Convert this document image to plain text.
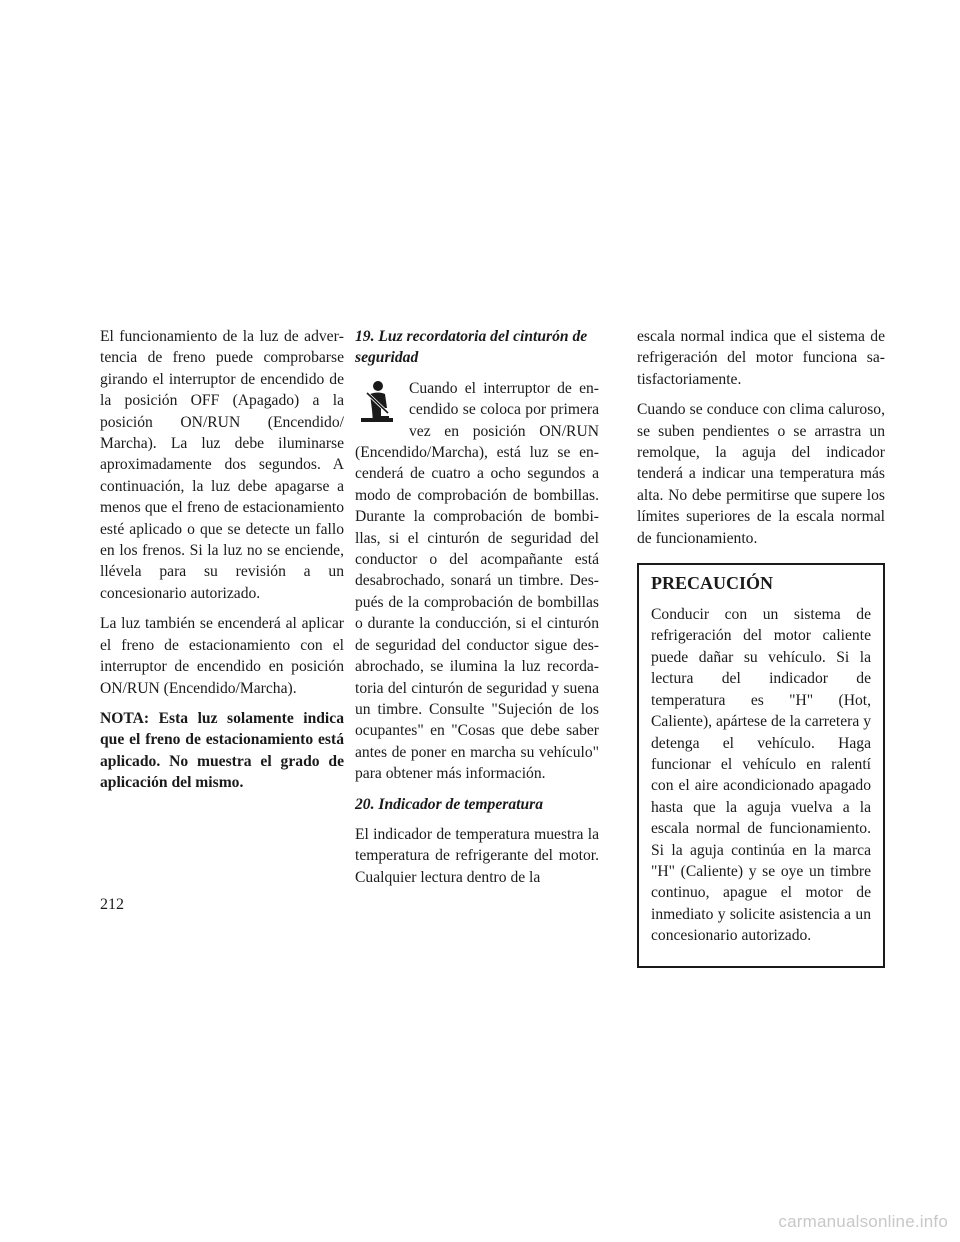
El funcionamiento de la luz de advertencia de freno puede comprobarse girando el interruptor de encendido de la posición OFF (Apagado) a la posición ON/RUN (Encendido/ Marcha). La luz debe iluminarse aproximadamente dos segundos. A continuación, la luz debe apagarse a menos que el freno de estacionamiento esté aplicado o que se detecte un fallo en los frenos. Si la luz no se enciende, llévela para su revisión a un concesionario autorizado.

La luz también se encenderá al aplicar el freno de estacionamiento con el interruptor de encendido en posición ON/RUN (Encendido/Marcha).

NOTA: Esta luz solamente indica que el freno de estacionamiento está aplicado. No muestra el grado de aplicación del mismo.

19. Luz recordatoria del cinturón de seguridad

Cuando el interruptor de encendido se coloca por primera vez en posición ON/RUN (Encendido/Marcha), está luz se encenderá de cuatro a ocho segundos a modo de comprobación de bombillas. Durante la comprobación de bombillas, si el cinturón de seguridad del conductor o del acompañante está desabrochado, sonará un timbre. Después de la comprobación de bombillas o durante la conducción, si el cinturón de seguridad del conductor sigue desabrochado, se ilumina la luz recordatoria del cinturón de seguridad y suena un timbre. Consulte "Sujeción de los ocupantes" en "Cosas que debe saber antes de poner en marcha su vehículo" para obtener más información.

20. Indicador de temperatura

El indicador de temperatura muestra la temperatura de refrigerante del motor. Cualquier lectura dentro de la

escala normal indica que el sistema de refrigeración del motor funciona satisfactoriamente.

Cuando se conduce con clima caluroso, se suben pendientes o se arrastra un remolque, la aguja del indicador tenderá a indicar una temperatura más alta. No debe permitirse que supere los límites superiores de la escala normal de funcionamiento.

PRECAUCIÓN

Conducir con un sistema de refrigeración del motor caliente puede dañar su vehículo. Si la lectura del indicador de temperatura es "H" (Hot, Caliente), apártese de la carretera y detenga el vehículo. Haga funcionar el vehículo en ralentí con el aire acondicionado apagado hasta que la aguja vuelva a la escala normal de funcionamiento. Si la aguja continúa en la marca "H" (Caliente) y se oye un timbre continuo, apague el motor de inmediato y solicite asistencia a un concesionario autorizado.

212
carmanualsonline.info
